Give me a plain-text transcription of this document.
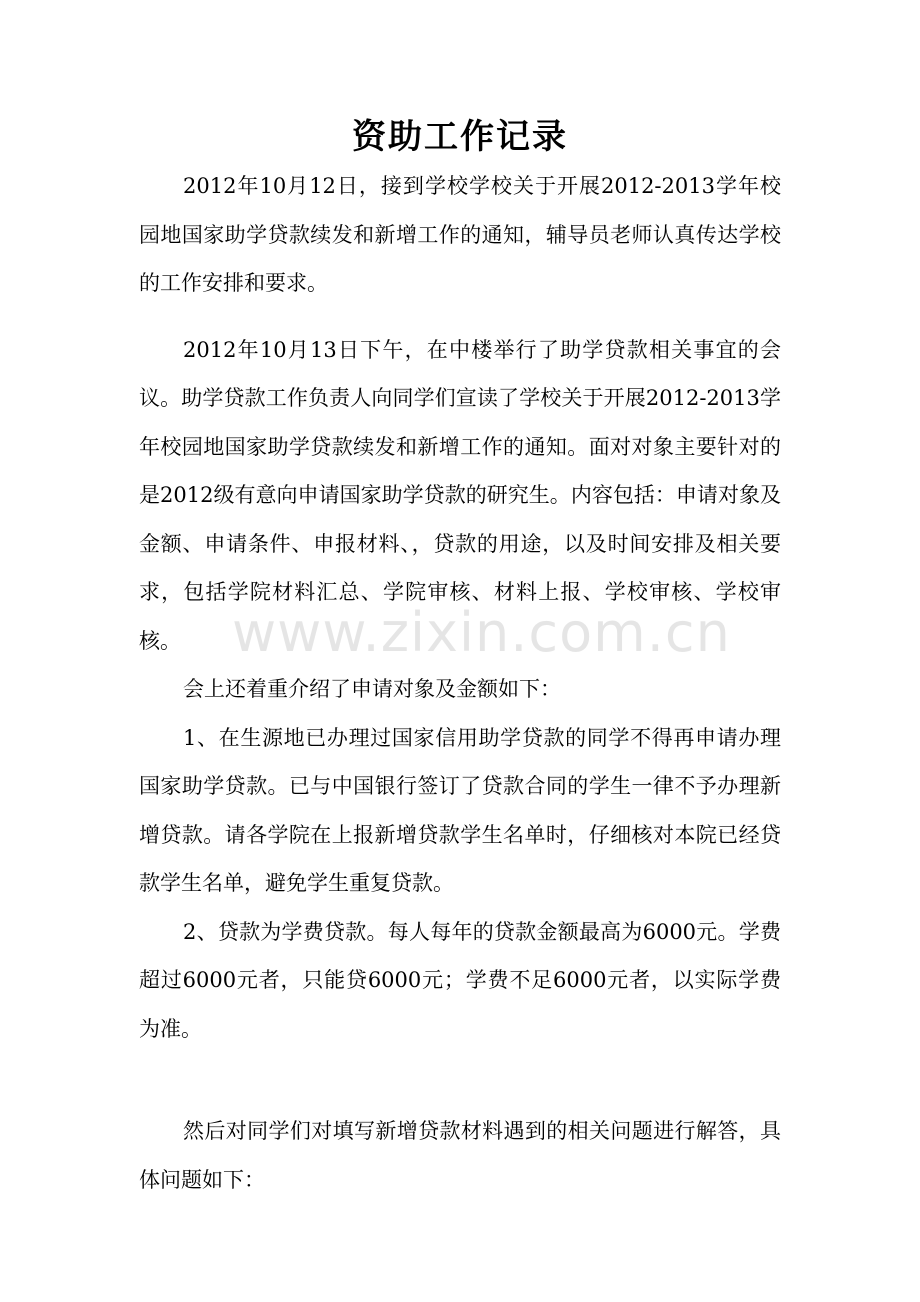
资助工作记录

2012年10月12日，接到学校学校关于开展2012-2013学年校园地国家助学贷款续发和新增工作的通知，辅导员老师认真传达学校的工作安排和要求。

2012年10月13日下午，在中楼举行了助学贷款相关事宜的会议。助学贷款工作负责人向同学们宣读了学校关于开展2012-2013学年校园地国家助学贷款续发和新增工作的通知。面对对象主要针对的是2012级有意向申请国家助学贷款的研究生。内容包括：申请对象及金额、申请条件、申报材料、，贷款的用途，以及时间安排及相关要求，包括学院材料汇总、学院审核、材料上报、学校审核、学校审核。

会上还着重介绍了申请对象及金额如下：

1、在生源地已办理过国家信用助学贷款的同学不得再申请办理国家助学贷款。已与中国银行签订了贷款合同的学生一律不予办理新增贷款。请各学院在上报新增贷款学生名单时，仔细核对本院已经贷款学生名单，避免学生重复贷款。

2、贷款为学费贷款。每人每年的贷款金额最高为6000元。学费超过6000元者，只能贷6000元；学费不足6000元者，以实际学费为准。

然后对同学们对填写新增贷款材料遇到的相关问题进行解答，具体问题如下：

www.zixin.com.cn
